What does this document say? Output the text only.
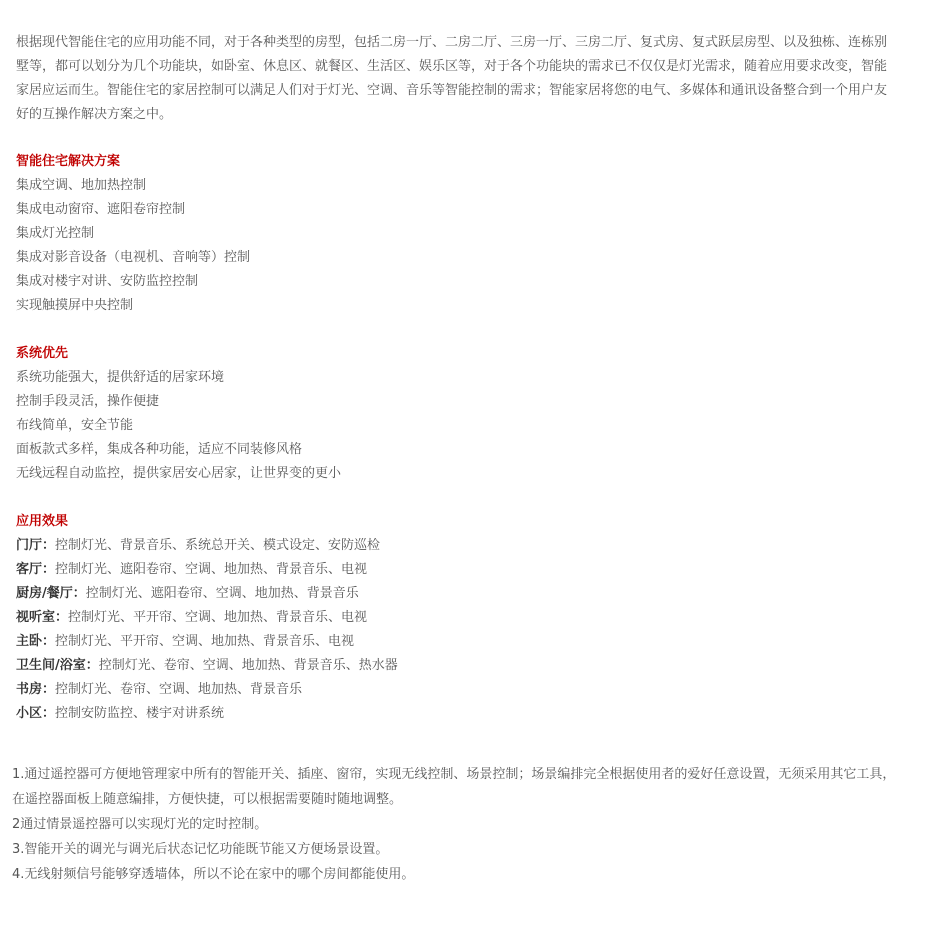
根据现代智能住宅的应用功能不同，对于各种类型的房型，包括二房一厅、二房二厅、三房一厅、三房二厅、复式房、复式跃层房型、以及独栋、连栋别墅等，都可以划分为几个功能块，如卧室、休息区、就餐区、生活区、娱乐区等，对于各个功能块的需求已不仅仅是灯光需求，随着应用要求改变，智能家居应运而生。智能住宅的家居控制可以满足人们对于灯光、空调、音乐等智能控制的需求；智能家居将您的电气、多媒体和通讯设备整合到一个用户友好的互操作解决方案之中。

智能住宅解决方案
集成空调、地加热控制
集成电动窗帘、遮阳卷帘控制
集成灯光控制
集成对影音设备（电视机、音响等）控制
集成对楼宇对讲、安防监控控制
实现触摸屏中央控制
系统优先
系统功能强大，提供舒适的居家环境
控制手段灵活，操作便捷
布线简单，安全节能
面板款式多样，集成各种功能，适应不同装修风格
无线远程自动监控，提供家居安心居家，让世界变的更小
应用效果
门厅：控制灯光、背景音乐、系统总开关、模式设定、安防巡检
客厅：控制灯光、遮阳卷帘、空调、地加热、背景音乐、电视
厨房/餐厅：控制灯光、遮阳卷帘、空调、地加热、背景音乐
视听室：控制灯光、平开帘、空调、地加热、背景音乐、电视
主卧：控制灯光、平开帘、空调、地加热、背景音乐、电视
卫生间/浴室：控制灯光、卷帘、空调、地加热、背景音乐、热水器
书房：控制灯光、卷帘、空调、地加热、背景音乐
小区：控制安防监控、楼宇对讲系统

1.通过遥控器可方便地管理家中所有的智能开关、插座、窗帘，实现无线控制、场景控制；场景编排完全根据使用者的爱好任意设置，无须采用其它工具，在遥控器面板上随意编排，方便快捷，可以根据需要随时随地调整。

2通过情景遥控器可以实现灯光的定时控制。

3.智能开关的调光与调光后状态记忆功能既节能又方便场景设置。

4.无线射频信号能够穿透墙体，所以不论在家中的哪个房间都能使用。
